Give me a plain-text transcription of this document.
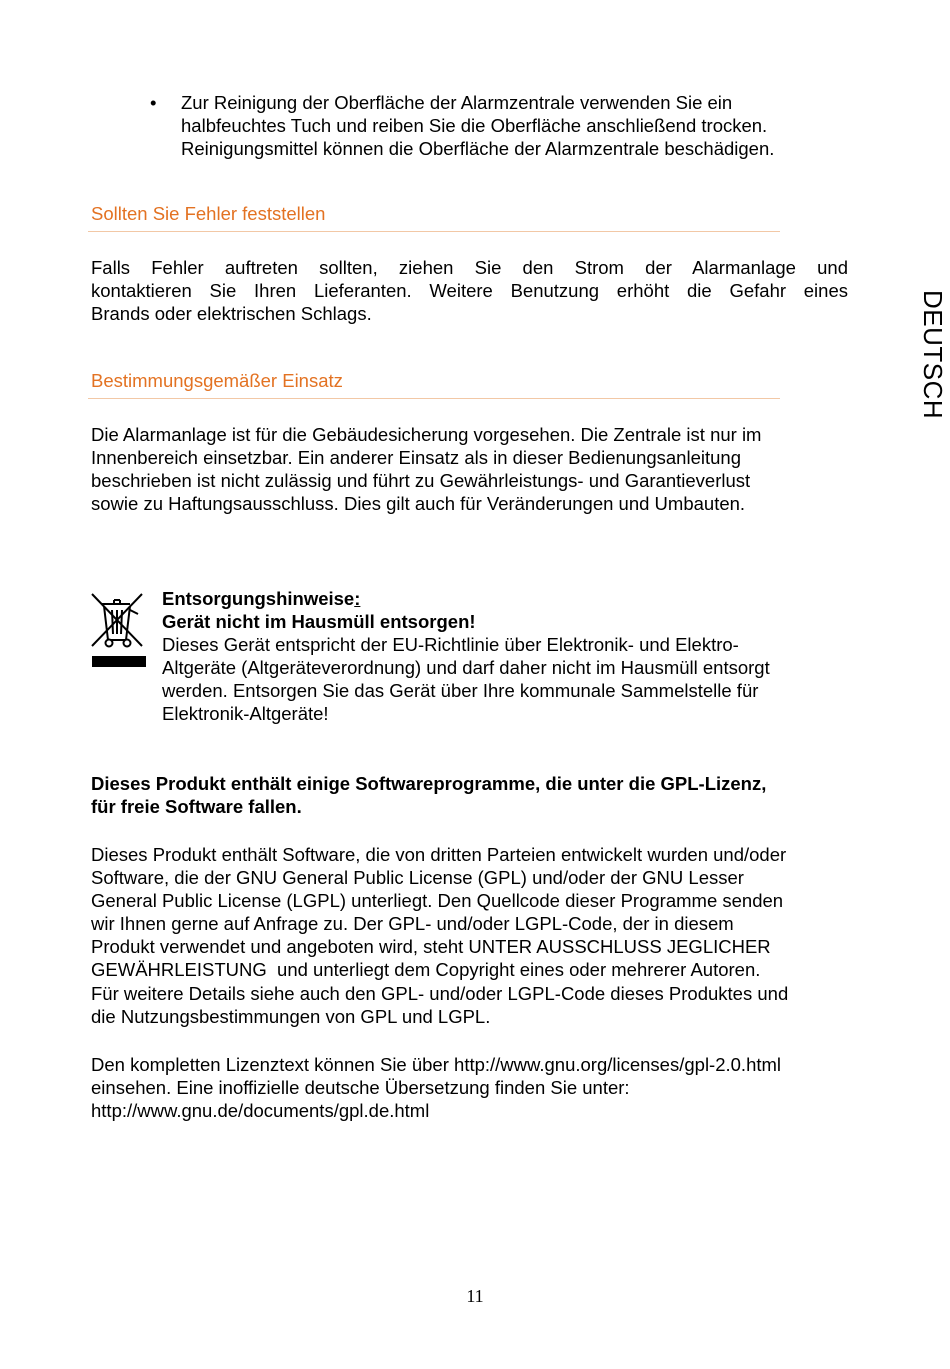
• Zur Reinigung der Oberfläche der Alarmzentrale verwenden Sie ein
halbfeuchtes Tuch und reiben Sie die Oberfläche anschließend trocken.
Reinigungsmittel können die Oberfläche der Alarmzentrale beschädigen.
Sollten Sie Fehler feststellen
Falls Fehler auftreten sollten, ziehen Sie den Strom der Alarmanlage und
kontaktieren Sie Ihren Lieferanten. Weitere Benutzung erhöht die Gefahr eines
Brands oder elektrischen Schlags.
Bestimmungsgemäßer Einsatz
Die Alarmanlage ist für die Gebäudesicherung vorgesehen. Die Zentrale ist nur im
Innenbereich einsetzbar. Ein anderer Einsatz als in dieser Bedienungsanleitung
beschrieben ist nicht zulässig und führt zu Gewährleistungs- und Garantieverlust
sowie zu Haftungsausschluss. Dies gilt auch für Veränderungen und Umbauten.
Entsorgungshinweise:
Gerät nicht im Hausmüll entsorgen!
Dieses Gerät entspricht der EU-Richtlinie über Elektronik- und Elektro-
Altgeräte (Altgeräteverordnung) und darf daher nicht im Hausmüll entsorgt
werden. Entsorgen Sie das Gerät über Ihre kommunale Sammelstelle für
Elektronik-Altgeräte!
Dieses Produkt enthält einige Softwareprogramme, die unter die GPL-Lizenz,
für freie Software fallen.
Dieses Produkt enthält Software, die von dritten Parteien entwickelt wurden und/oder
Software, die der GNU General Public License (GPL) und/oder der GNU Lesser
General Public License (LGPL) unterliegt. Den Quellcode dieser Programme senden
wir Ihnen gerne auf Anfrage zu. Der GPL- und/oder LGPL-Code, der in diesem
Produkt verwendet und angeboten wird, steht UNTER AUSSCHLUSS JEGLICHER
GEWÄHRLEISTUNG  und unterliegt dem Copyright eines oder mehrerer Autoren.
Für weitere Details siehe auch den GPL- und/oder LGPL-Code dieses Produktes und
die Nutzungsbestimmungen von GPL und LGPL.
Den kompletten Lizenztext können Sie über http://www.gnu.org/licenses/gpl-2.0.html
einsehen. Eine inoffizielle deutsche Übersetzung finden Sie unter:
http://www.gnu.de/documents/gpl.de.html
DEUTSCH
11
